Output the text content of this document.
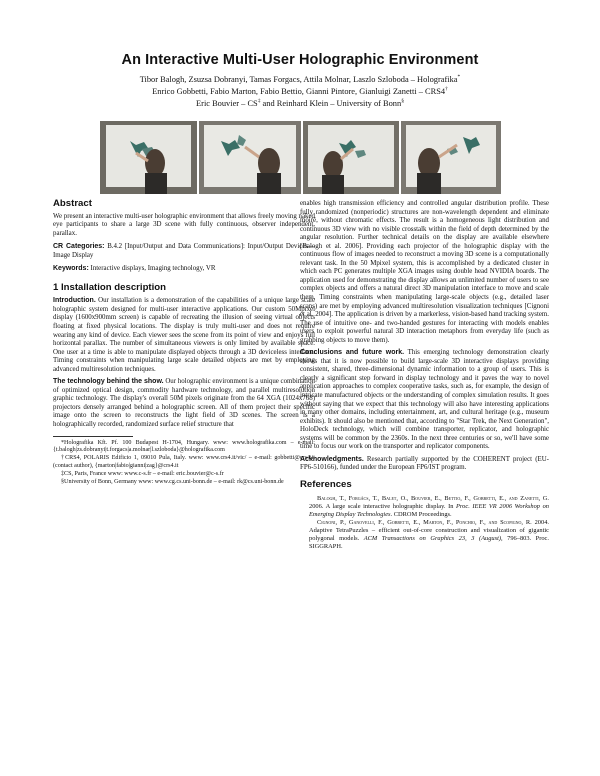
An Interactive Multi-User Holographic Environment
Tibor Balogh, Zsuzsa Dobranyi, Tamas Forgacs, Attila Molnar, Laszlo Szloboda – Holografika*
Enrico Gobbetti, Fabio Marton, Fabio Bettio, Gianni Pintore, Gianluigi Zanetti – CRS4†
Eric Bouvier – CS‡ and Reinhard Klein – University of Bonn§
Abstract

We present an interactive multi-user holographic environment that allows freely moving naked eye participants to share a large 3D scene with fully continuous, observer independent, parallax.

CR Categories: B.4.2 [Input/Output and Data Communications]: Input/Output Devices—Image Display

Keywords: Interactive displays, Imaging technology, VR

1 Installation description

Introduction. Our installation is a demonstration of the capabilities of a unique large scale holographic system designed for multi-user interactive applications. Our custom 50Mpixel display (1600x900mm screen) is capable of recreating the illusion of seeing virtual objects floating at fixed physical locations. The display is truly multi-user and does not require wearing any kind of device. Each viewer sees the scene from its point of view and enjoys full horizontal parallax. The number of simultaneous viewers is only limited by available space. One user at a time is able to manipulate displayed objects through a 3D deviceless interface. Timing constraints when manipulating large scale detailed objects are met by employing advanced multiresolution techniques.

The technology behind the show. Our holographic environment is a unique combination of optimized optical design, commodity hardware technology, and parallel multiresolution graphic technology. The display's overall 50M pixels originate from the 64 XGA (1024x768) projectors densely arranged behind a holographic screen. All of them project their specific image onto the screen to reconstructs the light field of 3D scenes. The screen is a holographically recorded, randomized surface relief structure that

*Holografika Kft. Pf. 100 Budapest H-1704, Hungary. www: www.holografika.com – e-mail: {t.balogh|zs.dobranyi|t.forgacs|a.molnar|l.szloboda}@holografika.com

†CRS4, POLARIS Edificio 1, 09010 Pula, Italy. www: www.crs4.it/vic/ – e-mail: gobbetti@crs4.it (contact author), {marton|fabio|gianni|zag}@crs4.it

‡CS, Paris, France www: www.c-s.fr – e-mail: eric.bouvier@c-s.fr

§University of Bonn, Germany www: www.cg.cs.uni-bonn.de – e-mail: rk@cs.uni-bonn.de

enables high transmission efficiency and controlled angular distribution profile. These fully randomized (nonperiodic) structures are non-wavelength dependent and eliminate moiré, without chromatic effects. The result is a homogeneous light distribution and continuous 3D view with no visible crosstalk within the field of depth determined by the angular resolution. Further technical details on the display are available elsewhere [Balogh et al. 2006]. Providing each projector of the holographic display with the continuous flow of images needed to reconstruct a moving 3D scene is a computationally relevant task. In the 50 Mpixel system, this is accomplished by a dedicated cluster in which each PC generates multiple XGA images using double head NVIDIA boards. The application used for demonstrating the display allows an unlimited number of users to see complex objects and offers a natural direct 3D manipulation interface to move and scale them. Timing constraints when manipulating large-scale objects (e.g., detailed laser scans) are met by employing advanced multiresolution visualization techniques [Cignoni et al. 2004]. The application is driven by a markerless, vision-based hand tracking system. The use of intuitive one- and two-handed gestures for interacting with models enables users to exploit powerful natural 3D interaction metaphors from everyday life (such as grabbing objects to move them).

Conclusions and future work. This emerging technology demonstration clearly shows that it is now possible to build large-scale 3D interactive displays providing consistent, shared, three-dimensional dynamic information to a group of users. This is clearly a significant step forward in display technology and it paves the way to novel application approaches to complex cooperative tasks, such as, for example, the design of intricate manufactured objects or the understanding of complex simulation results. It goes without saying that we expect that this technology will also have interesting applications in many other domains, including entertainment, art, and cultural heritage (e.g., museum exhibits). It should also be mentioned that, according to "Star Trek, the Next Generation", HoloDeck technology, which will combine transporter, replicator, and holographic systems will be common by the 2360s. In the next three centuries or so, we'll have some time to focus our work on the transporter and replicator components.

Acknowledgments. Research partially supported by the COHERENT project (EU-FP6-510166), funded under the European FP6/IST program.

References

Balogh, T., Forgács, T., Balet, O., Bouvier, E., Bettio, F., Gobbetti, E., and Zanetti, G. 2006. A large scale interactive holographic display. In Proc. IEEE VR 2006 Workshop on Emerging Display Technologies. CDROM Proceedings.

Cignoni, P., Ganovelli, F., Gobbetti, E., Marton, F., Ponchio, F., and Scopigno, R. 2004. Adaptive TetraPuzzles – efficient out-of-core construction and visualization of gigantic polygonal models. ACM Transactions on Graphics 23, 3 (August), 796–803. Proc. SIGGRAPH.
